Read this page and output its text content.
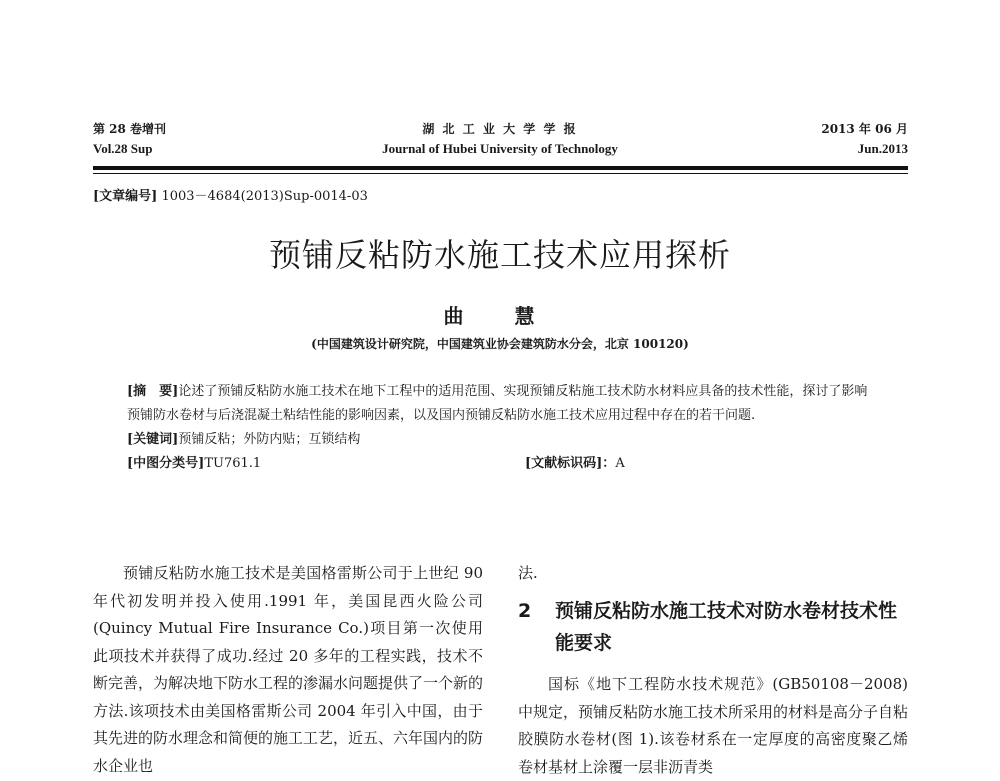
第 28 卷增刊
Vol.28 Sup
湖 北 工 业 大 学 学 报
Journal of Hubei University of Technology
2013 年 06 月
Jun.2013
[文章编号] 1003－4684(2013)Sup-0014-03
预铺反粘防水施工技术应用探析
曲 慧
(中国建筑设计研究院，中国建筑业协会建筑防水分会，北京 100120)
[摘　要]论述了预铺反粘防水施工技术在地下工程中的适用范围、实现预铺反粘施工技术防水材料应具备的技术性能，探讨了影响预铺防水卷材与后浇混凝土粘结性能的影响因素，以及国内预铺反粘防水施工技术应用过程中存在的若干问题.
[关键词]预铺反粘；外防内贴；互锁结构
[中图分类号]TU761.1	[文献标识码]：A
预铺反粘防水施工技术是美国格雷斯公司于上世纪 90 年代初发明并投入使用.1991 年，美国昆西火险公司(Quincy Mutual Fire Insurance Co.)项目第一次使用此项技术并获得了成功.经过 20 多年的工程实践，技术不断完善，为解决地下防水工程的渗漏水问题提供了一个新的方法.该项技术由美国格雷斯公司 2004 年引入中国，由于其先进的防水理念和简便的施工工艺，近五、六年国内的防水企业也
法.
2 预铺反粘防水施工技术对防水卷材技术性能要求
国标《地下工程防水技术规范》(GB50108－2008)中规定，预铺反粘防水施工技术所采用的材料是高分子自粘胶膜防水卷材(图 1).该卷材系在一定厚度的高密度聚乙烯卷材基材上涂覆一层非沥青类
